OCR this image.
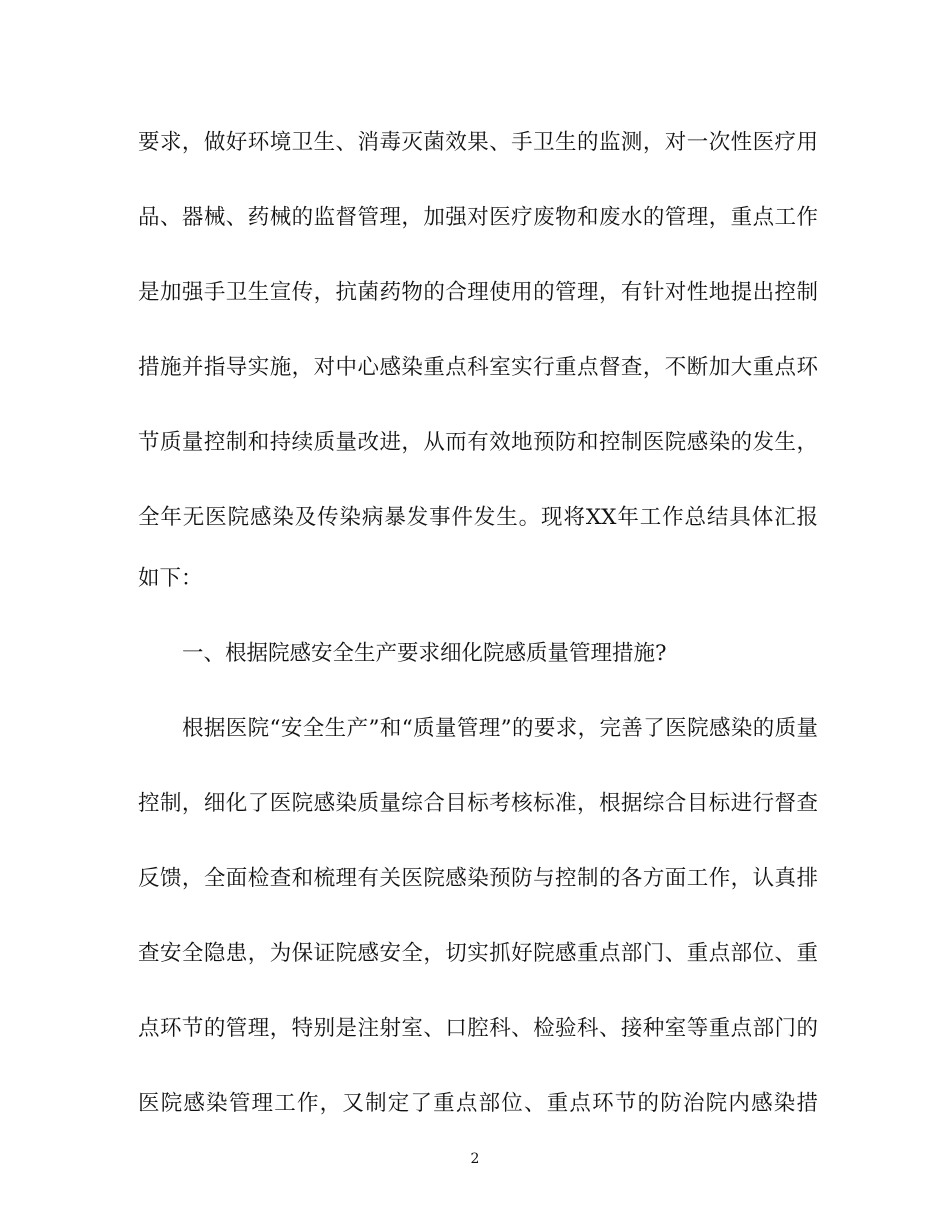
要求，做好环境卫生、消毒灭菌效果、手卫生的监测，对一次性医疗用
品、器械、药械的监督管理，加强对医疗废物和废水的管理，重点工作
是加强手卫生宣传，抗菌药物的合理使用的管理，有针对性地提出控制
措施并指导实施，对中心感染重点科室实行重点督查，不断加大重点环
节质量控制和持续质量改进，从而有效地预防和控制医院感染的发生，
全年无医院感染及传染病暴发事件发生。现将XX年工作总结具体汇报
如下：
一、根据院感安全生产要求细化院感质量管理措施?
根据医院“安全生产”和“质量管理”的要求，完善了医院感染的质量
控制，细化了医院感染质量综合目标考核标准，根据综合目标进行督查
反馈，全面检查和梳理有关医院感染预防与控制的各方面工作，认真排
查安全隐患，为保证院感安全，切实抓好院感重点部门、重点部位、重
点环节的管理，特别是注射室、口腔科、检验科、接种室等重点部门的
医院感染管理工作，又制定了重点部位、重点环节的防治院内感染措
2
